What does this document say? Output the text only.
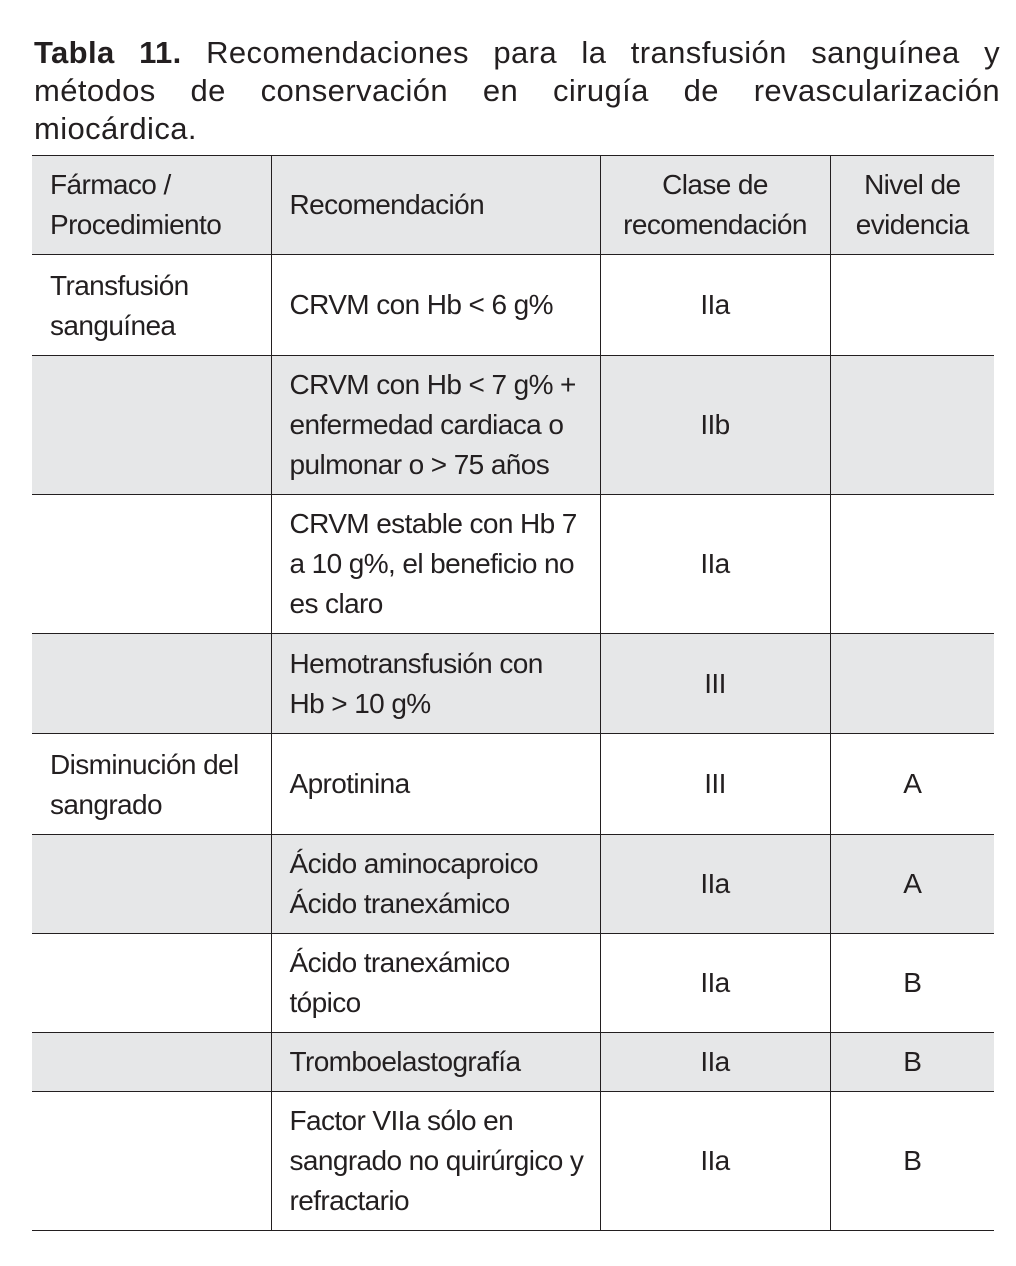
Tabla 11. Recomendaciones para la transfusión sanguínea y métodos de conservación en cirugía de revascularización miocárdica.
Fármaco / Procedimiento	Recomendación	Clase de recomendación	Nivel de evidencia
Transfusión sanguínea	CRVM con Hb < 6 g%	IIa	
	CRVM con Hb < 7 g% + enfermedad cardiaca o pulmonar o > 75 años	IIb	
	CRVM estable con Hb 7 a 10 g%, el beneficio no es claro	IIa	
	Hemotransfusión con Hb > 10 g%	III	
Disminución del sangrado	Aprotinina	III	A
	Ácido aminocaproico Ácido tranexámico	IIa	A
	Ácido tranexámico tópico	IIa	B
	Tromboelastografía	IIa	B
	Factor VIIa sólo en sangrado no quirúrgico y refractario	IIa	B
